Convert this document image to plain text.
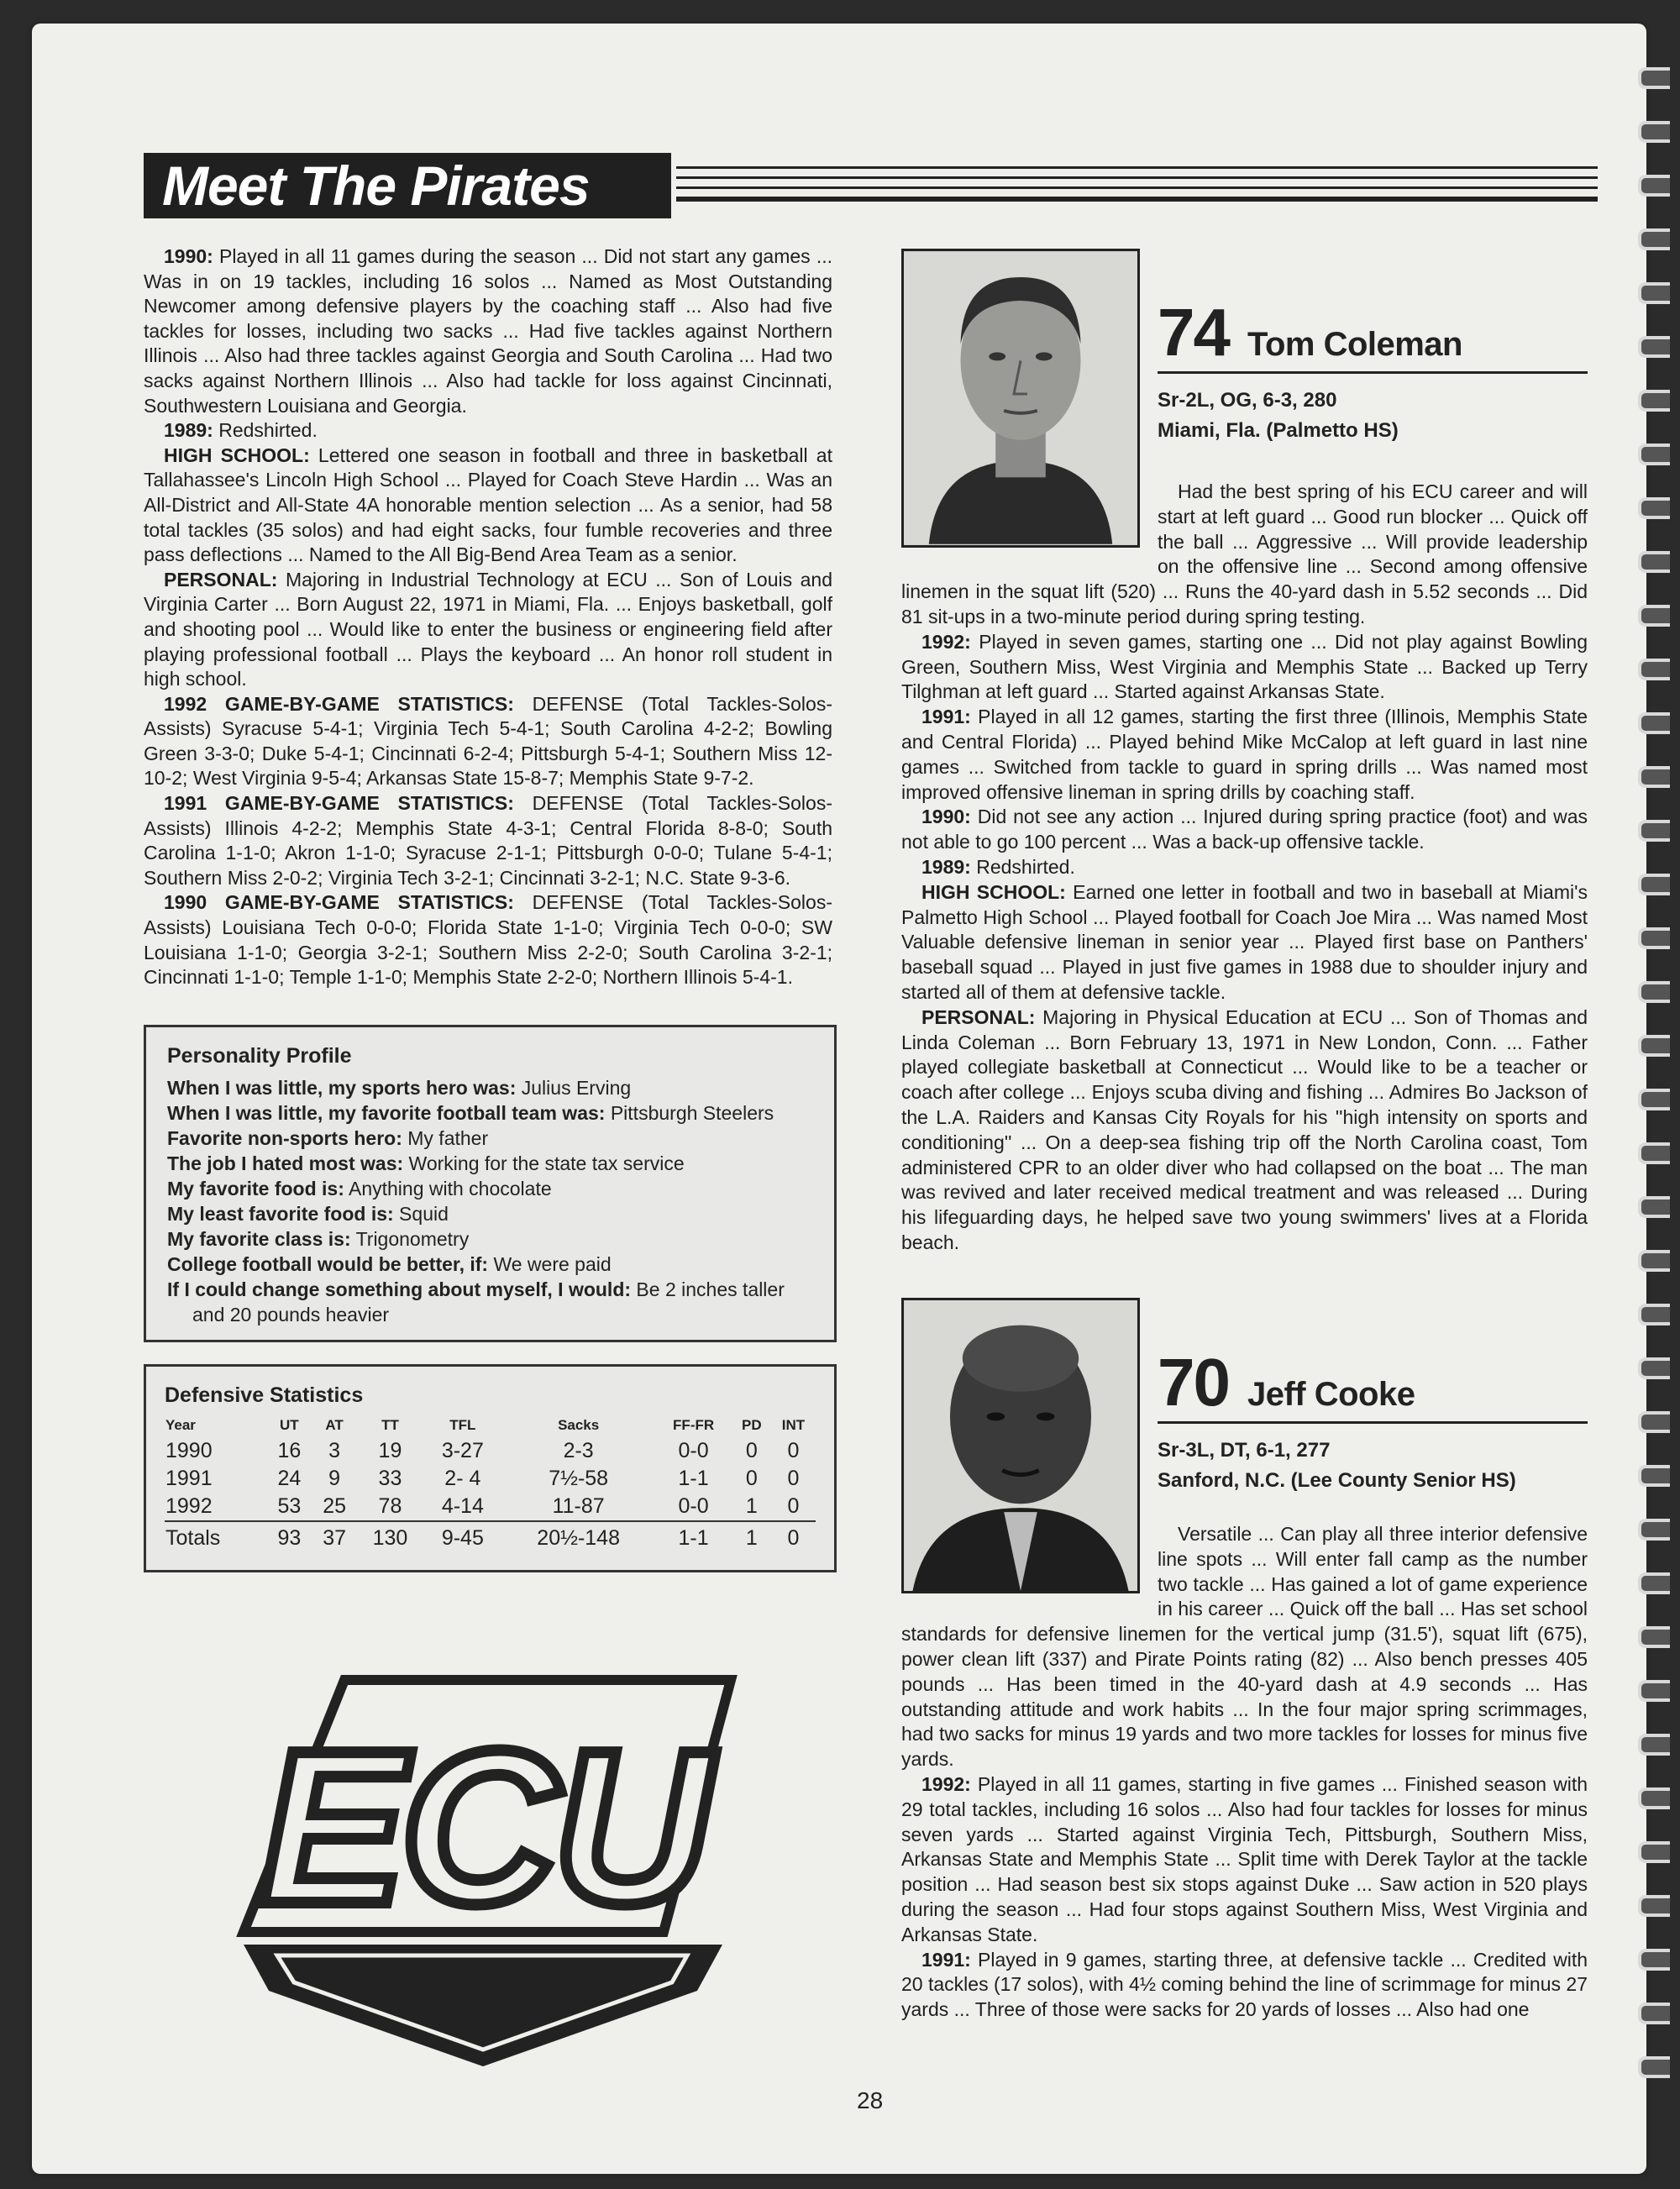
Meet The Pirates

1990: Played in all 11 games during the season ... Did not start any games ... Was in on 19 tackles, including 16 solos ... Named as Most Outstanding Newcomer among defensive players by the coaching staff ... Also had five tackles for losses, including two sacks ... Had five tackles against Northern Illinois ... Also had three tackles against Georgia and South Carolina ... Had two sacks against Northern Illinois ... Also had tackle for loss against Cincinnati, Southwestern Louisiana and Georgia.

1989: Redshirted.

HIGH SCHOOL: Lettered one season in football and three in basketball at Tallahassee's Lincoln High School ... Played for Coach Steve Hardin ... Was an All-District and All-State 4A honorable mention selection ... As a senior, had 58 total tackles (35 solos) and had eight sacks, four fumble recoveries and three pass deflections ... Named to the All Big-Bend Area Team as a senior.

PERSONAL: Majoring in Industrial Technology at ECU ... Son of Louis and Virginia Carter ... Born August 22, 1971 in Miami, Fla. ... Enjoys basketball, golf and shooting pool ... Would like to enter the business or engineering field after playing professional football ... Plays the keyboard ... An honor roll student in high school.

1992 GAME-BY-GAME STATISTICS: DEFENSE (Total Tackles-Solos-Assists) Syracuse 5-4-1; Virginia Tech 5-4-1; South Carolina 4-2-2; Bowling Green 3-3-0; Duke 5-4-1; Cincinnati 6-2-4; Pittsburgh 5-4-1; Southern Miss 12-10-2; West Virginia 9-5-4; Arkansas State 15-8-7; Memphis State 9-7-2.

1991 GAME-BY-GAME STATISTICS: DEFENSE (Total Tackles-Solos-Assists) Illinois 4-2-2; Memphis State 4-3-1; Central Florida 8-8-0; South Carolina 1-1-0; Akron 1-1-0; Syracuse 2-1-1; Pittsburgh 0-0-0; Tulane 5-4-1; Southern Miss 2-0-2; Virginia Tech 3-2-1; Cincinnati 3-2-1; N.C. State 9-3-6.

1990 GAME-BY-GAME STATISTICS: DEFENSE (Total Tackles-Solos-Assists) Louisiana Tech 0-0-0; Florida State 1-1-0; Virginia Tech 0-0-0; SW Louisiana 1-1-0; Georgia 3-2-1; Southern Miss 2-2-0; South Carolina 3-2-1; Cincinnati 1-1-0; Temple 1-1-0; Memphis State 2-2-0; Northern Illinois 5-4-1.

Personality Profile
When I was little, my sports hero was: Julius Erving
When I was little, my favorite football team was: Pittsburgh Steelers
Favorite non-sports hero: My father
The job I hated most was: Working for the state tax service
My favorite food is: Anything with chocolate
My least favorite food is: Squid
My favorite class is: Trigonometry
College football would be better, if: We were paid
If I could change something about myself, I would: Be 2 inches taller
and 20 pounds heavier
Defensive Statistics
Year	UT	AT	TT	TFL	Sacks	FF-FR	PD	INT
1990	16	3	19	3-27	2-3	0-0	0	0
1991	24	9	33	2- 4	7½-58	1-1	0	0
1992	53	25	78	4-14	11-87	0-0	1	0
Totals	93	37	130	9-45	20½-148	1-1	1	0
ECU
74 Tom Coleman
Sr-2L, OG, 6-3, 280
Miami, Fla. (Palmetto HS)

Had the best spring of his ECU career and will start at left guard ... Good run blocker ... Quick off the ball ... Aggressive ... Will provide leadership on the offensive line ... Second among offensive linemen in the squat lift (520) ... Runs the 40-yard dash in 5.52 seconds ... Did 81 sit-ups in a two-minute period during spring testing.

1992: Played in seven games, starting one ... Did not play against Bowling Green, Southern Miss, West Virginia and Memphis State ... Backed up Terry Tilghman at left guard ... Started against Arkansas State.

1991: Played in all 12 games, starting the first three (Illinois, Memphis State and Central Florida) ... Played behind Mike McCalop at left guard in last nine games ... Switched from tackle to guard in spring drills ... Was named most improved offensive lineman in spring drills by coaching staff.

1990: Did not see any action ... Injured during spring practice (foot) and was not able to go 100 percent ... Was a back-up offensive tackle.

1989: Redshirted.

HIGH SCHOOL: Earned one letter in football and two in baseball at Miami's Palmetto High School ... Played football for Coach Joe Mira ... Was named Most Valuable defensive lineman in senior year ... Played first base on Panthers' baseball squad ... Played in just five games in 1988 due to shoulder injury and started all of them at defensive tackle.

PERSONAL: Majoring in Physical Education at ECU ... Son of Thomas and Linda Coleman ... Born February 13, 1971 in New London, Conn. ... Father played collegiate basketball at Connecticut ... Would like to be a teacher or coach after college ... Enjoys scuba diving and fishing ... Admires Bo Jackson of the L.A. Raiders and Kansas City Royals for his ''high intensity on sports and conditioning'' ... On a deep-sea fishing trip off the North Carolina coast, Tom administered CPR to an older diver who had collapsed on the boat ... The man was revived and later received medical treatment and was released ... During his lifeguarding days, he helped save two young swimmers' lives at a Florida beach.

70 Jeff Cooke
Sr-3L, DT, 6-1, 277
Sanford, N.C. (Lee County Senior HS)

Versatile ... Can play all three interior defensive line spots ... Will enter fall camp as the number two tackle ... Has gained a lot of game experience in his career ... Quick off the ball ... Has set school standards for defensive linemen for the vertical jump (31.5'), squat lift (675), power clean lift (337) and Pirate Points rating (82) ... Also bench presses 405 pounds ... Has been timed in the 40-yard dash at 4.9 seconds ... Has outstanding attitude and work habits ... In the four major spring scrimmages, had two sacks for minus 19 yards and two more tackles for losses for minus five yards.

1992: Played in all 11 games, starting in five games ... Finished season with 29 total tackles, including 16 solos ... Also had four tackles for losses for minus seven yards ... Started against Virginia Tech, Pittsburgh, Southern Miss, Arkansas State and Memphis State ... Split time with Derek Taylor at the tackle position ... Had season best six stops against Duke ... Saw action in 520 plays during the season ... Had four stops against Southern Miss, West Virginia and Arkansas State.

1991: Played in 9 games, starting three, at defensive tackle ... Credited with 20 tackles (17 solos), with 4½ coming behind the line of scrimmage for minus 27 yards ... Three of those were sacks for 20 yards of losses ... Also had one

28
